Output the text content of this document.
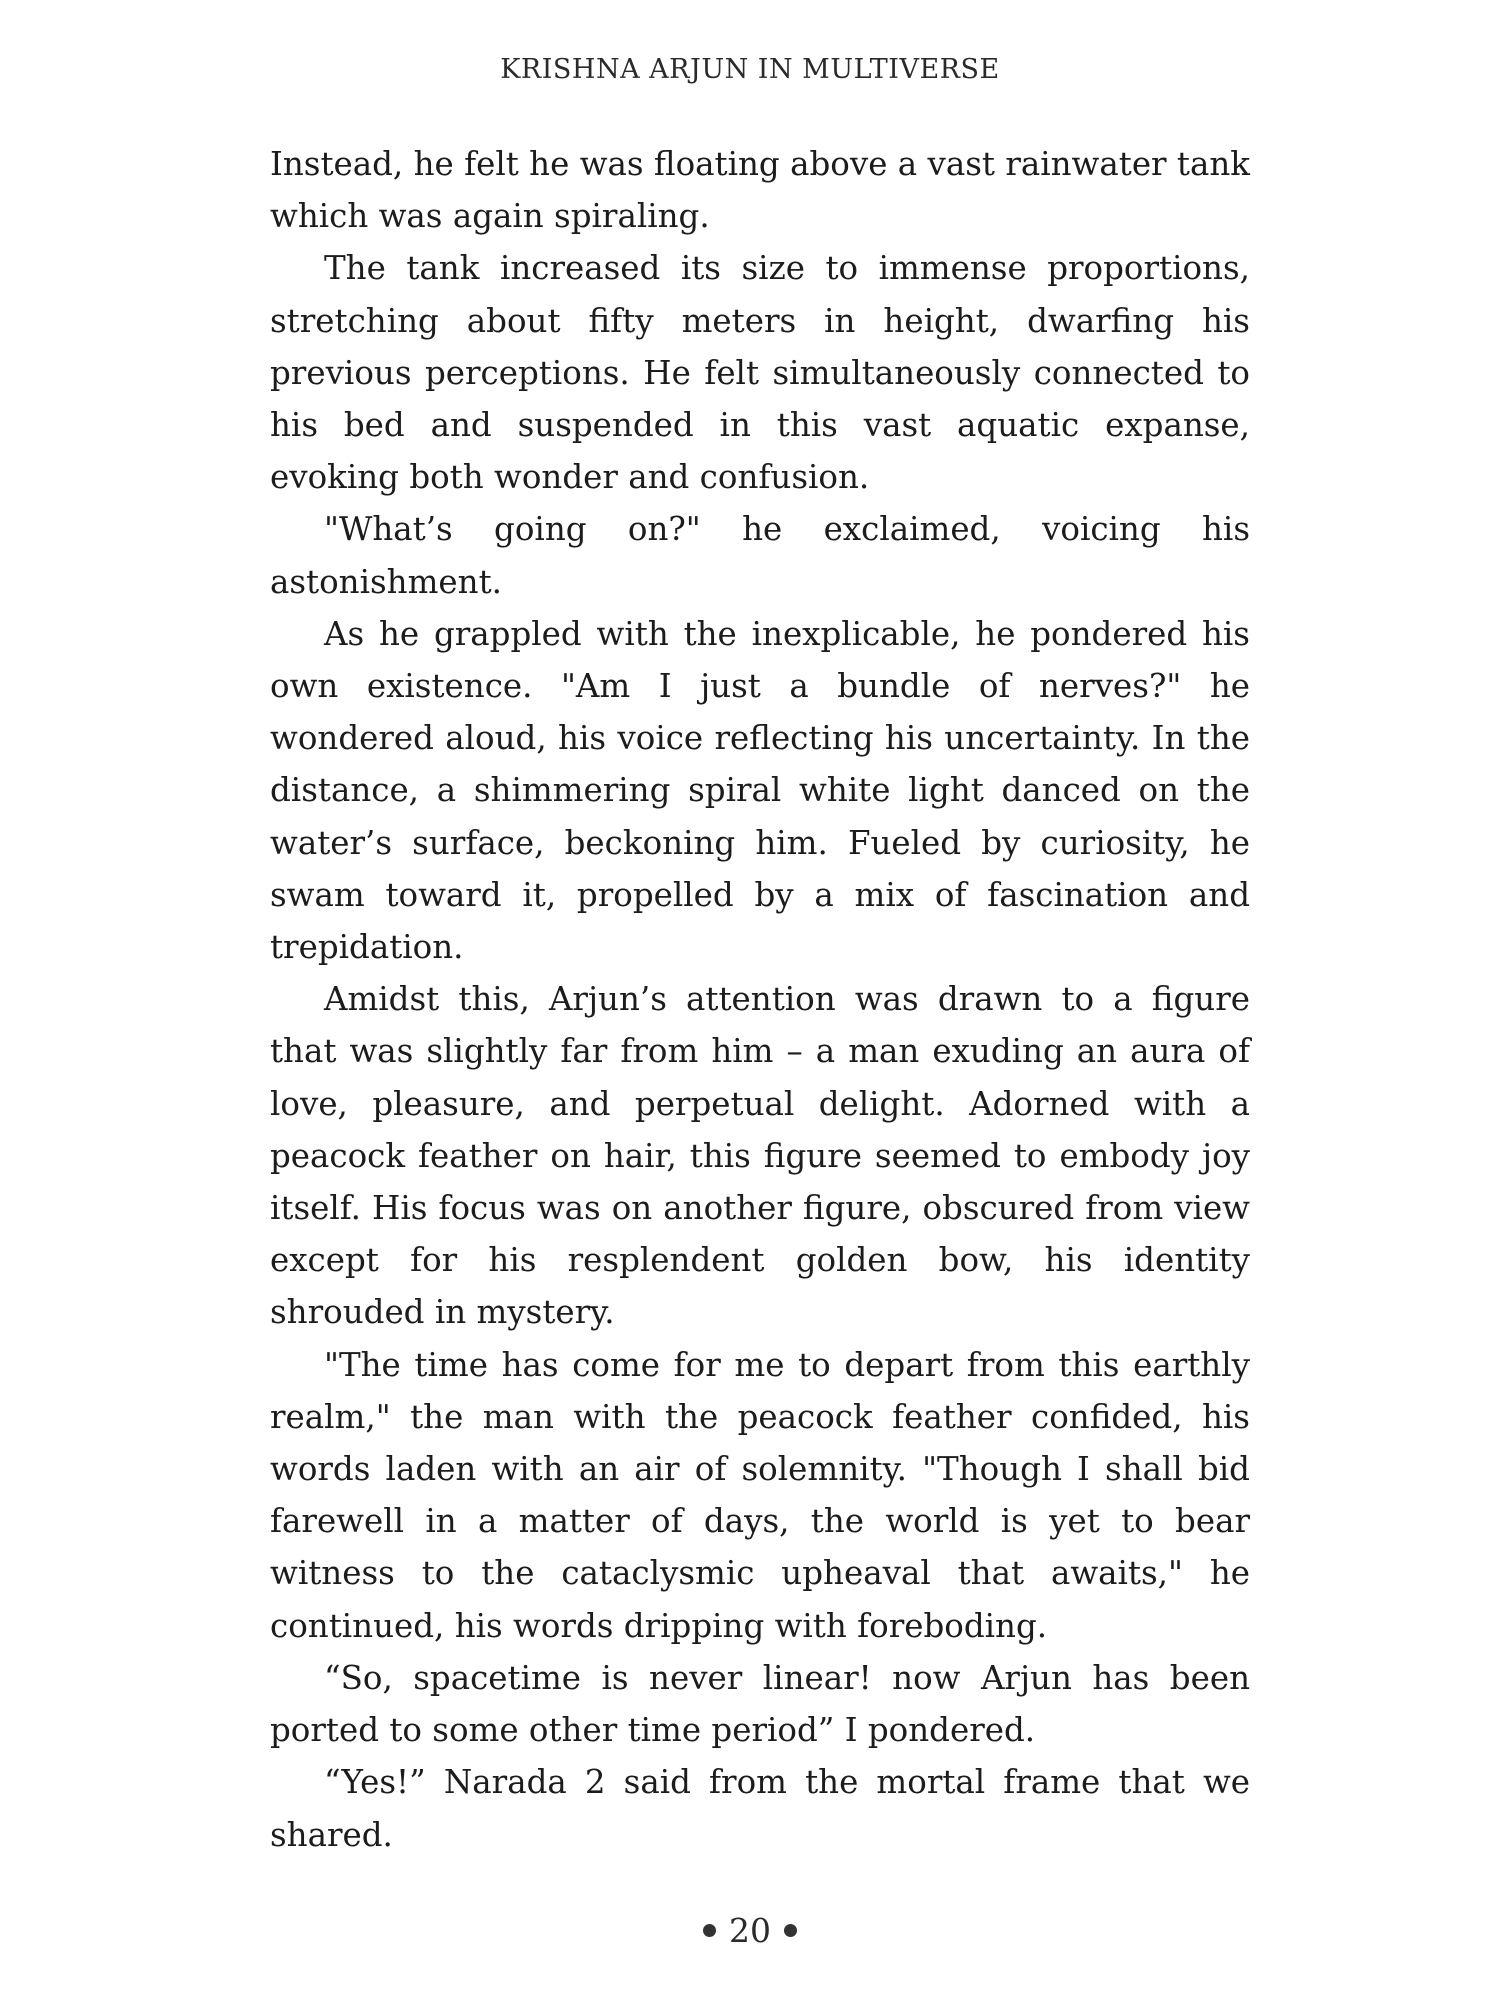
KRISHNA ARJUN IN MULTIVERSE

Instead, he felt he was floating above a vast rainwater tank which was again spiraling.

The tank increased its size to immense proportions, stretching about fifty meters in height, dwarfing his previous perceptions. He felt simultaneously connected to his bed and suspended in this vast aquatic expanse, evoking both wonder and confusion.

"What’s going on?" he exclaimed, voicing his astonishment.

As he grappled with the inexplicable, he pondered his own existence. "Am I just a bundle of nerves?" he wondered aloud, his voice reflecting his uncertainty. In the distance, a shimmering spiral white light danced on the water’s surface, beckoning him. Fueled by curiosity, he swam toward it, propelled by a mix of fascination and trepidation.

Amidst this, Arjun’s attention was drawn to a figure that was slightly far from him – a man exuding an aura of love, pleasure, and perpetual delight. Adorned with a peacock feather on hair, this figure seemed to embody joy itself. His focus was on another figure, obscured from view except for his resplendent golden bow, his identity shrouded in mystery.

"The time has come for me to depart from this earthly realm," the man with the peacock feather confided, his words laden with an air of solemnity. "Though I shall bid farewell in a matter of days, the world is yet to bear witness to the cataclysmic upheaval that awaits," he continued, his words dripping with foreboding.

“So, spacetime is never linear! now Arjun has been ported to some other time period” I pondered.

“Yes!” Narada 2 said from the mortal frame that we shared.

20
